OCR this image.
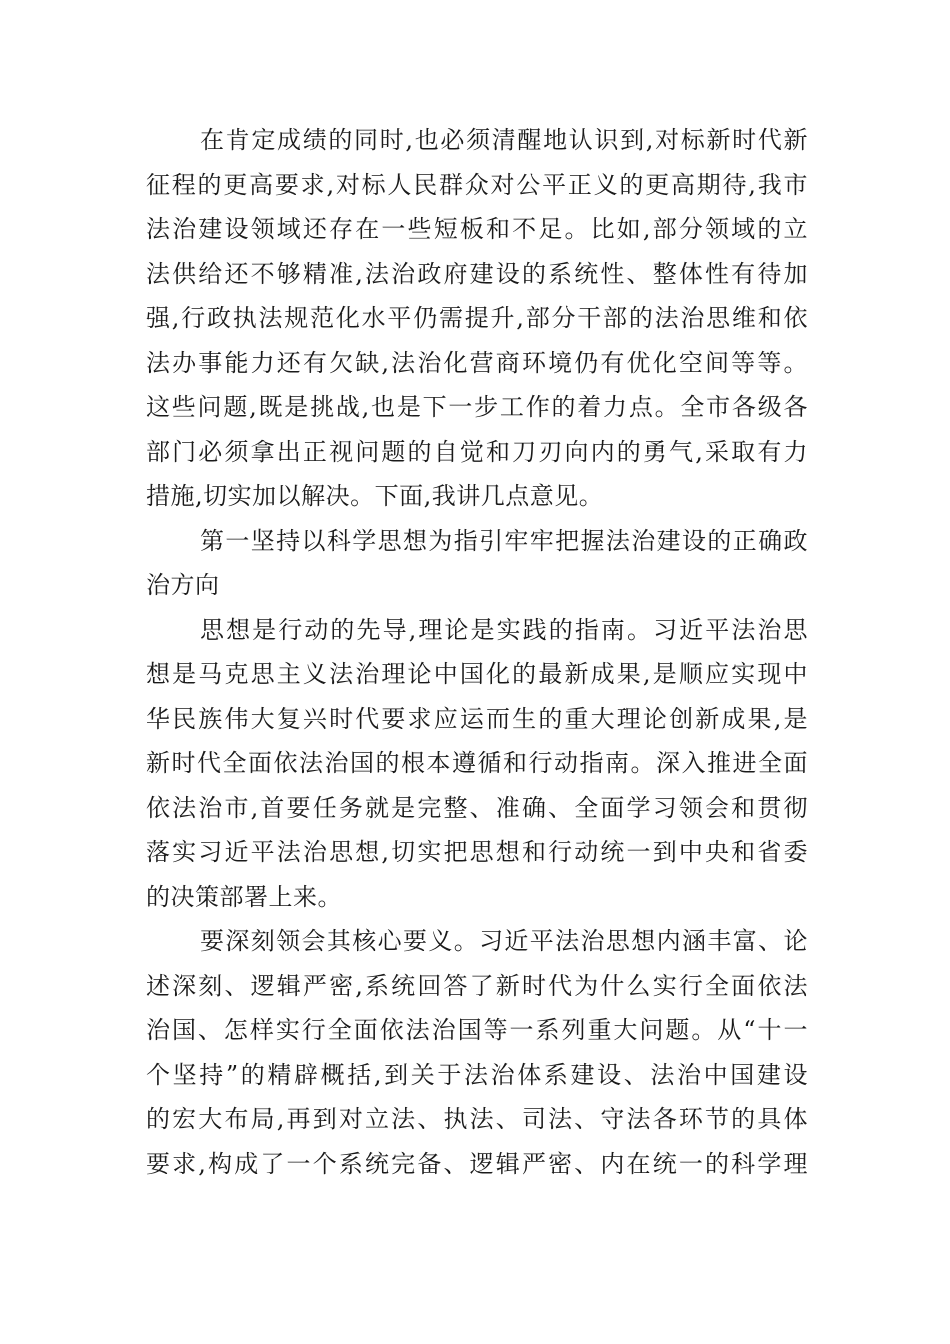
在肯定成绩的同时,也必须清醒地认识到,对标新时代新
征程的更高要求,对标人民群众对公平正义的更高期待,我市
法治建设领域还存在一些短板和不足。比如,部分领域的立
法供给还不够精准,法治政府建设的系统性、整体性有待加
强,行政执法规范化水平仍需提升,部分干部的法治思维和依
法办事能力还有欠缺,法治化营商环境仍有优化空间等等。
这些问题,既是挑战,也是下一步工作的着力点。全市各级各
部门必须拿出正视问题的自觉和刀刃向内的勇气,采取有力
措施,切实加以解决。下面,我讲几点意见。
第一坚持以科学思想为指引牢牢把握法治建设的正确政
治方向
思想是行动的先导,理论是实践的指南。习近平法治思
想是马克思主义法治理论中国化的最新成果,是顺应实现中
华民族伟大复兴时代要求应运而生的重大理论创新成果,是
新时代全面依法治国的根本遵循和行动指南。深入推进全面
依法治市,首要任务就是完整、准确、全面学习领会和贯彻
落实习近平法治思想,切实把思想和行动统一到中央和省委
的决策部署上来。
要深刻领会其核心要义。习近平法治思想内涵丰富、论
述深刻、逻辑严密,系统回答了新时代为什么实行全面依法
治国、怎样实行全面依法治国等一系列重大问题。从“十一
个坚持”的精辟概括,到关于法治体系建设、法治中国建设
的宏大布局,再到对立法、执法、司法、守法各环节的具体
要求,构成了一个系统完备、逻辑严密、内在统一的科学理
